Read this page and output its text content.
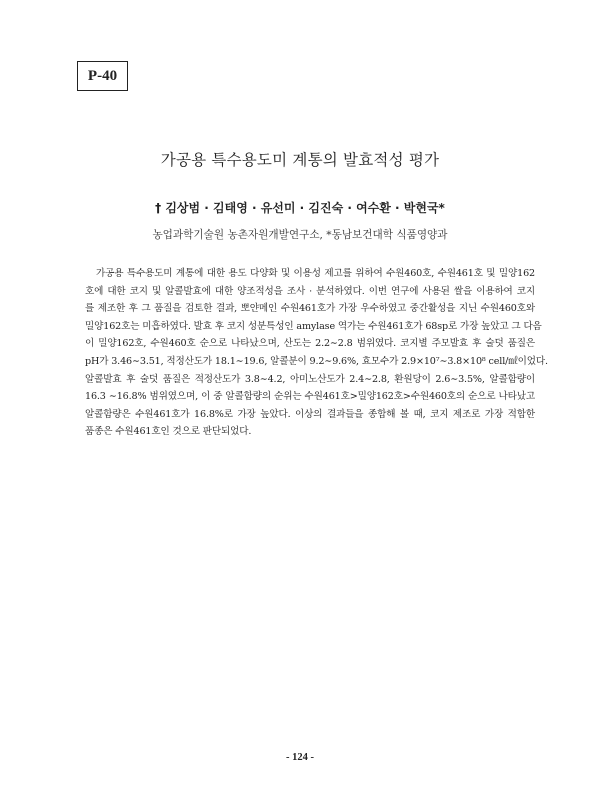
P-40
가공용 특수용도미 계통의 발효적성 평가
† 김상범 · 김태영 · 유선미 · 김진숙 · 여수환 · 박현국*
농업과학기술원 농촌자원개발연구소, *동남보건대학 식품영양과
가공용 특수용도미 계통에 대한 용도 다양화 및 이용성 제고를 위하여 수원460호, 수원461호 및 밀양162
호에 대한 코지 및 알콜발효에 대한 양조적성을 조사 · 분석하였다. 이번 연구에 사용된 쌀을 이용하여 코지
를 제조한 후 그 품질을 검토한 결과, 뽀얀메인 수원461호가 가장 우수하였고 중간활성을 지닌 수원460호와
밀양162호는 미흡하였다. 발효 후 코지 성분특성인 amylase 역가는 수원461호가 68sp로 가장 높았고 그 다음
이 밀양162호, 수원460호 순으로 나타났으며, 산도는 2.2∼2.8 범위였다. 코지별 주모발효 후 술덧 품질은
pH가 3.46∼3.51, 적정산도가 18.1∼19.6, 알콜분이 9.2∼9.6%, 효모수가 2.9×10⁷∼3.8×10⁸ cell/㎖이었다.
알콜발효 후 술덧 품질은 적정산도가 3.8∼4.2, 아미노산도가 2.4∼2.8, 환원당이 2.6∼3.5%, 알콜함량이
16.3 ∼16.8% 범위였으며, 이 중 알콜함량의 순위는 수원461호>밀양162호>수원460호의 순으로 나타났고
알콜함량은 수원461호가 16.8%로 가장 높았다. 이상의 결과들을 종합해 볼 때, 코지 제조로 가장 적합한
품종은 수원461호인 것으로 판단되었다.
- 124 -
